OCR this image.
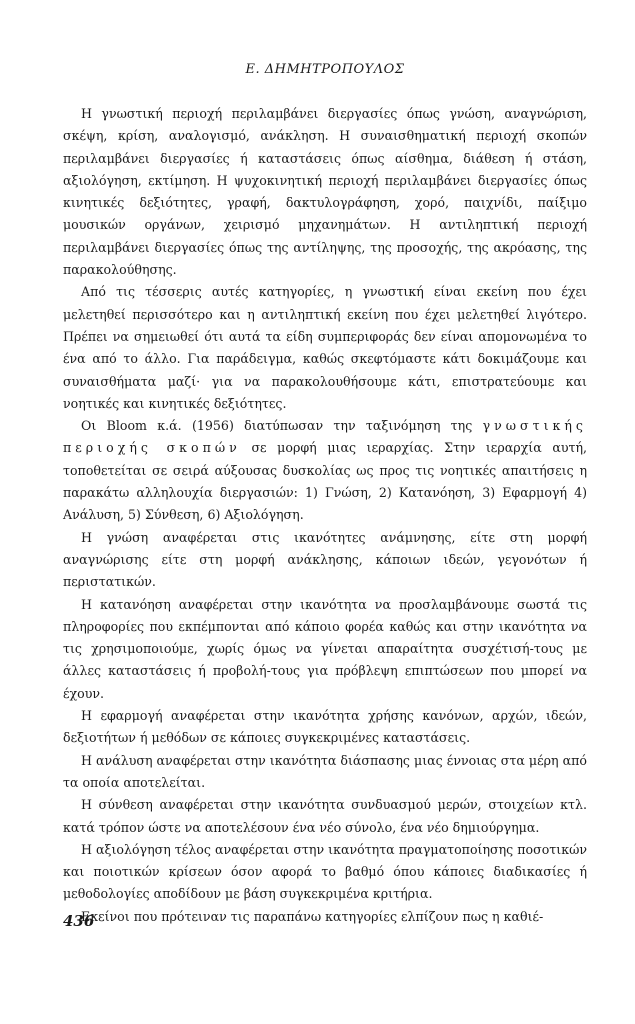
Ε. ΔΗΜΗΤΡΟΠΟΥΛΟΣ

Η γνωστική περιοχή περιλαμβάνει διεργασίες όπως γνώση, αναγνώριση, σκέψη, κρίση, αναλογισμό, ανάκληση. Η συναισθηματική περιοχή σκοπών περιλαμβάνει διεργασίες ή καταστάσεις όπως αίσθημα, διάθεση ή στάση, αξιολόγηση, εκτίμηση. Η ψυχοκινητική περιοχή περιλαμβάνει διεργασίες όπως κινητικές δεξιότητες, γραφή, δακτυλογράφηση, χορό, παιχνίδι, παίξιμο μουσικών οργάνων, χειρισμό μηχανημάτων. Η αντιληπτική περιοχή περιλαμβάνει διεργασίες όπως της αντίληψης, της προσοχής, της ακρόασης, της παρακολούθησης.

Από τις τέσσερις αυτές κατηγορίες, η γνωστική είναι εκείνη που έχει μελετηθεί περισσότερο και η αντιληπτική εκείνη που έχει μελετηθεί λιγότερο. Πρέπει να σημειωθεί ότι αυτά τα είδη συμπεριφοράς δεν είναι απομονωμένα το ένα από το άλλο. Για παράδειγμα, καθώς σκεφτόμαστε κάτι δοκιμάζουμε και συναισθήματα μαζί· για να παρακολουθήσουμε κάτι, επιστρατεύουμε και νοητικές και κινητικές δεξιότητες.

Οι Bloom κ.ά. (1956) διατύπωσαν την ταξινόμηση της γνωστικής περιοχής σκοπών σε μορφή μιας ιεραρχίας. Στην ιεραρχία αυτή, τοποθετείται σε σειρά αύξουσας δυσκολίας ως προς τις νοητικές απαιτήσεις η παρακάτω αλληλουχία διεργασιών: 1) Γνώση, 2) Κατανόηση, 3) Εφαρμογή 4) Ανάλυση, 5) Σύνθεση, 6) Αξιολόγηση.

Η γνώση αναφέρεται στις ικανότητες ανάμνησης, είτε στη μορφή αναγνώρισης είτε στη μορφή ανάκλησης, κάποιων ιδεών, γεγονότων ή περιστατικών.

Η κατανόηση αναφέρεται στην ικανότητα να προσλαμβάνουμε σωστά τις πληροφορίες που εκπέμπονται από κάποιο φορέα καθώς και στην ικανότητα να τις χρησιμοποιούμε, χωρίς όμως να γίνεται απαραίτητα συσχέτισή-τους με άλλες καταστάσεις ή προβολή-τους για πρόβλεψη επιπτώσεων που μπορεί να έχουν.

Η εφαρμογή αναφέρεται στην ικανότητα χρήσης κανόνων, αρχών, ιδεών, δεξιοτήτων ή μεθόδων σε κάποιες συγκεκριμένες καταστάσεις.

Η ανάλυση αναφέρεται στην ικανότητα διάσπασης μιας έννοιας στα μέρη από τα οποία αποτελείται.

Η σύνθεση αναφέρεται στην ικανότητα συνδυασμού μερών, στοιχείων κτλ. κατά τρόπον ώστε να αποτελέσουν ένα νέο σύνολο, ένα νέο δημιούργημα.

Η αξιολόγηση τέλος αναφέρεται στην ικανότητα πραγματοποίησης ποσοτικών και ποιοτικών κρίσεων όσον αφορά το βαθμό όπου κάποιες διαδικασίες ή μεθοδολογίες αποδίδουν με βάση συγκεκριμένα κριτήρια.

Εκείνοι που πρότειναν τις παραπάνω κατηγορίες ελπίζουν πως η καθιέ-

436
